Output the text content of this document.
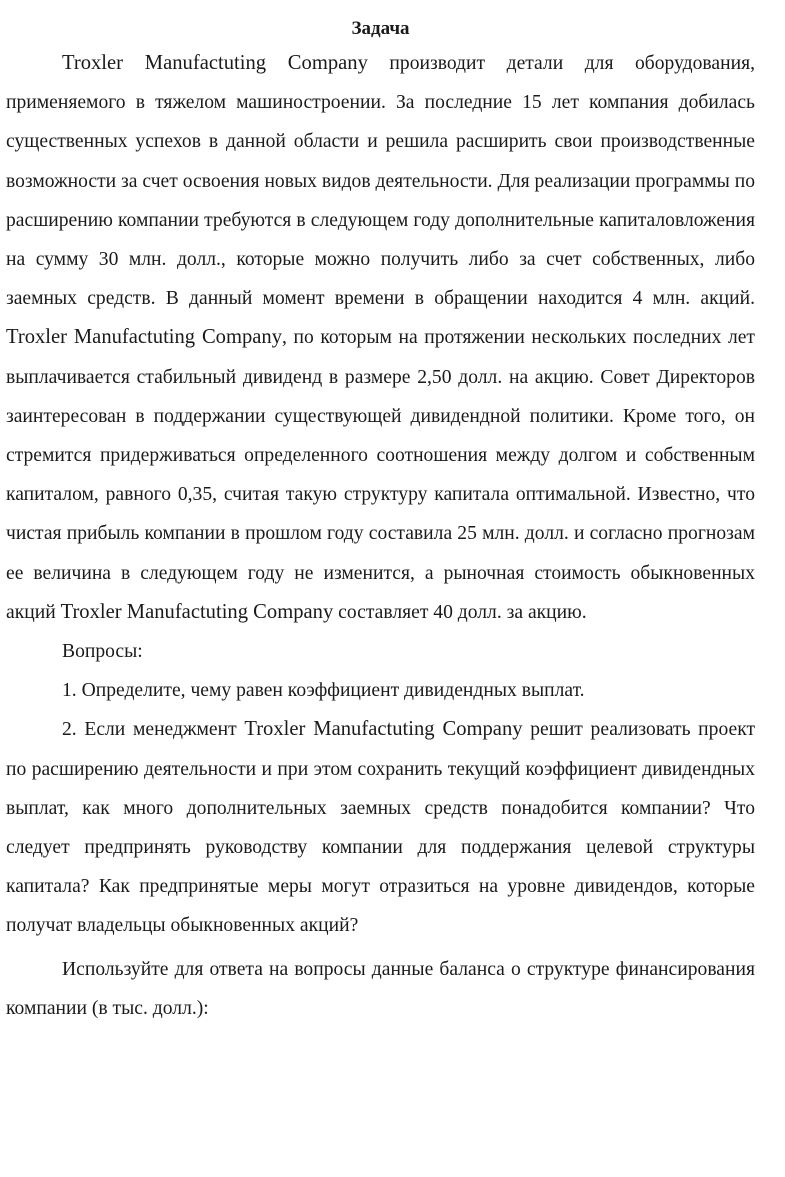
Задача

Troxler Manufactuting Company производит детали для оборудования, применяемого в тяжелом машиностроении. За последние 15 лет компания добилась существенных успехов в данной области и решила расширить свои производственные возможности за счет освоения новых видов деятельности. Для реализации программы по расширению компании требуются в следующем году дополнительные капиталовложения на сумму 30 млн. долл., которые можно получить либо за счет собственных, либо заемных средств. В данный момент времени в обращении находится 4 млн. акций. Troxler Manufactuting Company, по которым на протяжении нескольких последних лет выплачивается стабильный дивиденд в размере 2,50 долл. на акцию. Совет Директоров заинтересован в поддержании существующей дивидендной политики. Кроме того, он стремится придерживаться определенного соотношения между долгом и собственным капиталом, равного 0,35, считая такую структуру капитала оптимальной. Известно, что чистая прибыль компании в прошлом году составила 25 млн. долл. и согласно прогнозам ее величина в следующем году не изменится, а рыночная стоимость обыкновенных акций Troxler Manufactuting Company составляет 40 долл. за акцию.

Вопросы:

1. Определите, чему равен коэффициент дивидендных выплат.

2. Если менеджмент Troxler Manufactuting Company решит реализовать проект по расширению деятельности и при этом сохранить текущий коэффициент дивидендных выплат, как много дополнительных заемных средств понадобится компании? Что следует предпринять руководству компании для поддержания целевой структуры капитала? Как предпринятые меры могут отразиться на уровне дивидендов, которые получат владельцы обыкновенных акций?

Используйте для ответа на вопросы данные баланса о структуре финансирования компании (в тыс. долл.):
